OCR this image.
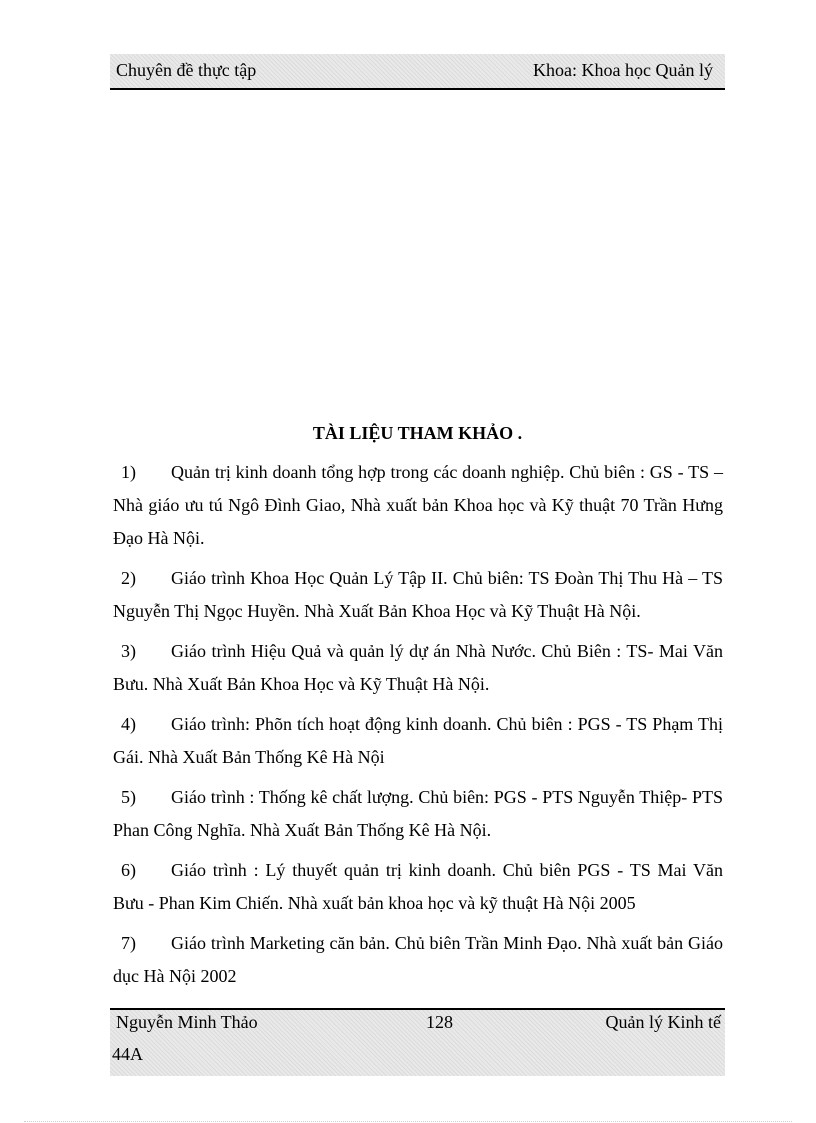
Chuyên đề thực tập	Khoa: Khoa học Quản lý
TÀI LIỆU THAM KHẢO .
1) Quản trị kinh doanh tổng hợp trong các doanh nghiệp. Chủ biên : GS - TS – Nhà giáo ưu tú Ngô Đình Giao, Nhà xuất bản Khoa học và Kỹ thuật 70 Trần Hưng Đạo Hà Nội.
2) Giáo trình Khoa Học Quản Lý Tập II. Chủ biên: TS Đoàn Thị Thu Hà – TS Nguyễn Thị Ngọc Huyền. Nhà Xuất Bản Khoa Học và Kỹ Thuật Hà Nội.
3) Giáo trình Hiệu Quả và quản lý dự án Nhà Nước. Chủ Biên : TS- Mai Văn Bưu. Nhà Xuất Bản Khoa Học và Kỹ Thuật Hà Nội.
4) Giáo trình: Phõn tích hoạt động kinh doanh. Chủ biên : PGS - TS Phạm Thị Gái. Nhà Xuất Bản Thống Kê Hà Nội
5) Giáo trình : Thống kê chất lượng. Chủ biên: PGS - PTS Nguyễn Thiệp- PTS Phan Công Nghĩa. Nhà Xuất Bản Thống Kê Hà Nội.
6) Giáo trình : Lý thuyết quản trị kinh doanh. Chủ biên PGS - TS Mai Văn Bưu - Phan Kim Chiến. Nhà xuất bản khoa học và kỹ thuật Hà Nội 2005
7) Giáo trình Marketing căn bản. Chủ biên Trần Minh Đạo. Nhà xuất bản Giáo dục Hà Nội 2002
Nguyễn Minh Thảo	128	Quản lý Kinh tế
44A
